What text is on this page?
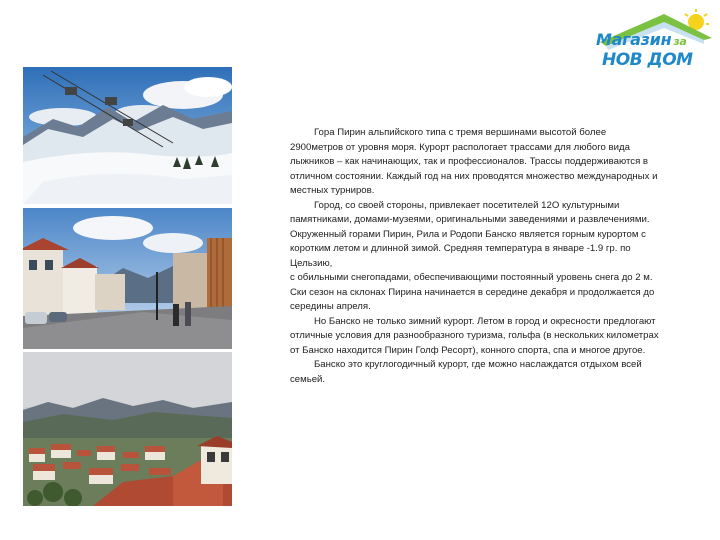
Магазин за
НОВ ДОМ

Гора Пирин альпийского типа с тремя вершинами высотой более 2900метров от уровня моря. Курорт распологает трассами для любого вида лыжников – как начинающих, так и профессионалов. Трассы поддерживаются в отличном состоянии. Каждый год на них проводятся множество международных и местных турниров.

Город, со своей стороны, привлекает посетителей 12О культурными памятниками, домами-музеями, оригинальными заведениями и развлечениями.

Окруженный горами Пирин, Рила и Родопи Банско является горным курортом с коротким летом и длинной зимой. Средняя температура в январе -1.9 гр. по Цельзию,

с обильными снегопадами, обеспечивающими постоянный уровень снега до 2 м.

Ски сезон на склонах Пирина начинается в середине декабря и продолжается до середины апреля.

Но Банско не только зимний курорт. Летом в город и окресности предлогают отличные условия для разнообразного туризма, гольфа (в нескольких километрах от Банско находится Пирин Голф Ресорт), конного спорта, спа и многое другое.

Банско это круглогодичный курорт, где можно наслаждатся отдыхом всей семьей.
